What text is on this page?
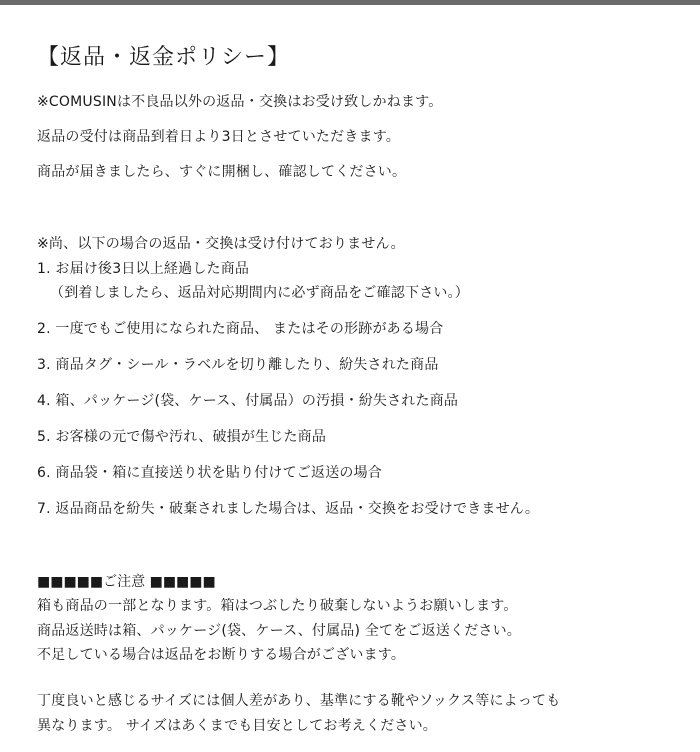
【返品・返金ポリシー】
※COMUSINは不良品以外の返品・交換はお受け致しかねます。
返品の受付は商品到着日より3日とさせていただきます。
商品が届きましたら、すぐに開梱し、確認してください。
※尚、以下の場合の返品・交換は受け付けておりません。
1. お届け後3日以上経過した商品
（到着しましたら、返品対応期間内に必ず商品をご確認下さい。）
2. 一度でもご使用になられた商品、 またはその形跡がある場合
3. 商品タグ・シール・ラベルを切り離したり、紛失された商品
4. 箱、パッケージ(袋、ケース、付属品）の汚損・紛失された商品
5. お客様の元で傷や汚れ、破損が生じた商品
6. 商品袋・箱に直接送り状を貼り付けてご返送の場合
7. 返品商品を紛失・破棄されました場合は、返品・交換をお受けできません。
■■■■■ご注意 ■■■■■
箱も商品の一部となります。箱はつぶしたり破棄しないようお願いします。
商品返送時は箱、パッケージ(袋、ケース、付属品) 全てをご返送ください。
不足している場合は返品をお断りする場合がございます。
丁度良いと感じるサイズには個人差があり、基準にする靴やソックス等によっても
異なります。 サイズはあくまでも目安としてお考えください。
